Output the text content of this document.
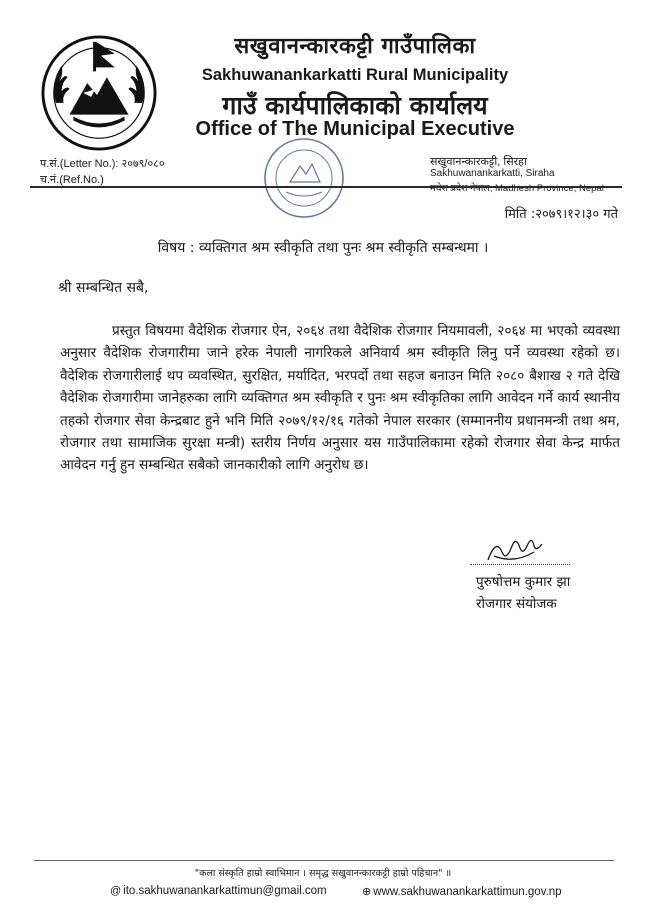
सखुवानन्कारकट्टी गाउँपालिका
Sakhuwanankarkatti Rural Municipality
गाउँ कार्यपालिकाको कार्यालय
Office of The Municipal Executive
प.सं.(Letter No.): २०७९/०८०
च.नं.(Ref.No.)
सखुवानन्कारकट्टी, सिरहा
Sakhuwanankarkatti, Siraha
मधेश प्रदेश नेपाल, Madhesh Province, Nepal
मिति :२०७९।१२।३० गते
विषय : व्यक्तिगत श्रम स्वीकृति तथा पुनः श्रम स्वीकृति सम्बन्धमा ।
श्री सम्बन्धित सबै,

प्रस्तुत विषयमा वैदेशिक रोजगार ऐन, २०६४ तथा वैदेशिक रोजगार नियमावली, २०६४ मा भएको व्यवस्था अनुसार वैदेशिक रोजगारीमा जाने हरेक नेपाली नागरिकले अनिवार्य श्रम स्वीकृति लिनु पर्ने व्यवस्था रहेको छ। वैदेशिक रोजगारीलाई थप व्यवस्थित, सुरक्षित, मर्यादित, भरपर्दो तथा सहज बनाउन मिति २०८० बैशाख २ गते देखि वैदेशिक रोजगारीमा जानेहरुका लागि व्यक्तिगत श्रम स्वीकृति र पुनः श्रम स्वीकृतिका लागि आवेदन गर्ने कार्य स्थानीय तहको रोजगार सेवा केन्द्रबाट हुने भनि मिति २०७९/१२/१६ गतेको नेपाल सरकार (सम्माननीय प्रधानमन्त्री तथा श्रम, रोजगार तथा सामाजिक सुरक्षा मन्त्री) स्तरीय निर्णय अनुसार यस गाउँपालिकामा रहेको रोजगार सेवा केन्द्र मार्फत आवेदन गर्नु हुन सम्बन्धित सबैको जानकारीको लागि अनुरोध छ।

पुरुषोत्तम कुमार झा
रोजगार संयोजक
"कला संस्कृति हाम्रो स्वाभिमान । समृद्ध सखुवानन्कारकट्टी हाम्रो पहिचान" ॥
@ ito.sakhuwanankarkattimun@gmail.com	⊕ www.sakhuwanankarkattimun.gov.np
